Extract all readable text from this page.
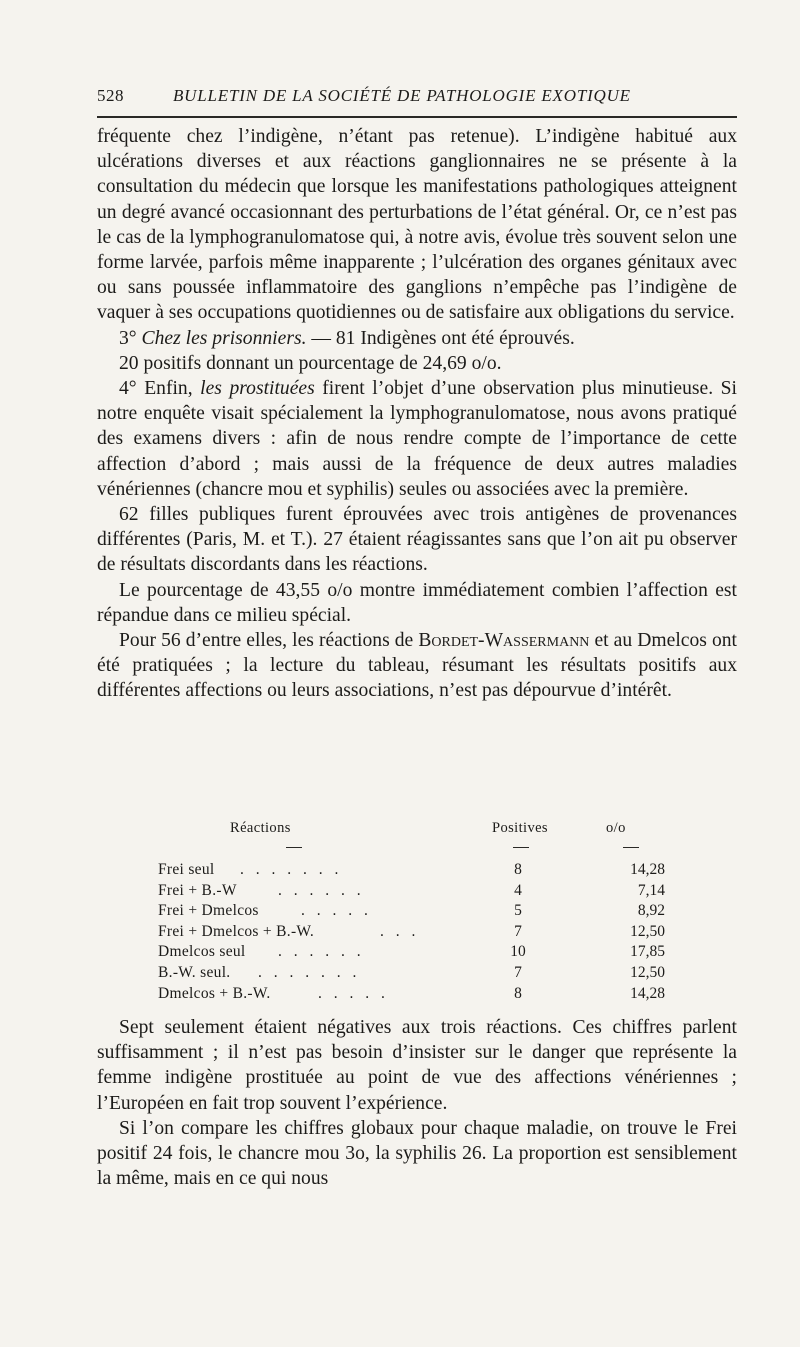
528	BULLETIN DE LA SOCIÉTÉ DE PATHOLOGIE EXOTIQUE

fréquente chez l’indigène, n’étant pas retenue). L’indigène habitué aux ulcérations diverses et aux réactions ganglionnaires ne se présente à la consultation du médecin que lorsque les manifestations pathologiques atteignent un degré avancé occasionnant des perturbations de l’état général. Or, ce n’est pas le cas de la lymphogranulomatose qui, à notre avis, évolue très souvent selon une forme larvée, parfois même inapparente ; l’ulcération des organes génitaux avec ou sans poussée inflammatoire des ganglions n’empêche pas l’indigène de vaquer à ses occupations quotidiennes ou de satisfaire aux obligations du service.

3° Chez les prisonniers. — 81 Indigènes ont été éprouvés.

20 positifs donnant un pourcentage de 24,69 o/o.

4° Enfin, les prostituées firent l’objet d’une observation plus minutieuse. Si notre enquête visait spécialement la lymphogranulomatose, nous avons pratiqué des examens divers : afin de nous rendre compte de l’importance de cette affection d’abord ; mais aussi de la fréquence de deux autres maladies vénériennes (chancre mou et syphilis) seules ou associées avec la première.

62 filles publiques furent éprouvées avec trois antigènes de provenances différentes (Paris, M. et T.). 27 étaient réagissantes sans que l’on ait pu observer de résultats discordants dans les réactions.

Le pourcentage de 43,55 o/o montre immédiatement combien l’affection est répandue dans ce milieu spécial.

Pour 56 d’entre elles, les réactions de Bordet-Wassermann et au Dmelcos ont été pratiquées ; la lecture du tableau, résumant les résultats positifs aux différentes affections ou leurs associations, n’est pas dépourvue d’intérêt.

Réactions	Positives	o/o
Frei seul . . . . . . .	8	14,28
Frei + B.-W	. . . . . .	4	7,14
Frei + Dmelcos	. . . . .	5	8,92
Frei + Dmelcos + B.-W.	. . .	7	12,50
Dmelcos seul . . . . . .	10	17,85
B.-W. seul. . . . . . . .	7	12,50
Dmelcos + B.-W.	. . . . .	8	14,28

Sept seulement étaient négatives aux trois réactions. Ces chiffres parlent suffisamment ; il n’est pas besoin d’insister sur le danger que représente la femme indigène prostituée au point de vue des affections vénériennes ; l’Européen en fait trop souvent l’expérience.

Si l’on compare les chiffres globaux pour chaque maladie, on trouve le Frei positif 24 fois, le chancre mou 3o, la syphilis 26. La proportion est sensiblement la même, mais en ce qui nous
